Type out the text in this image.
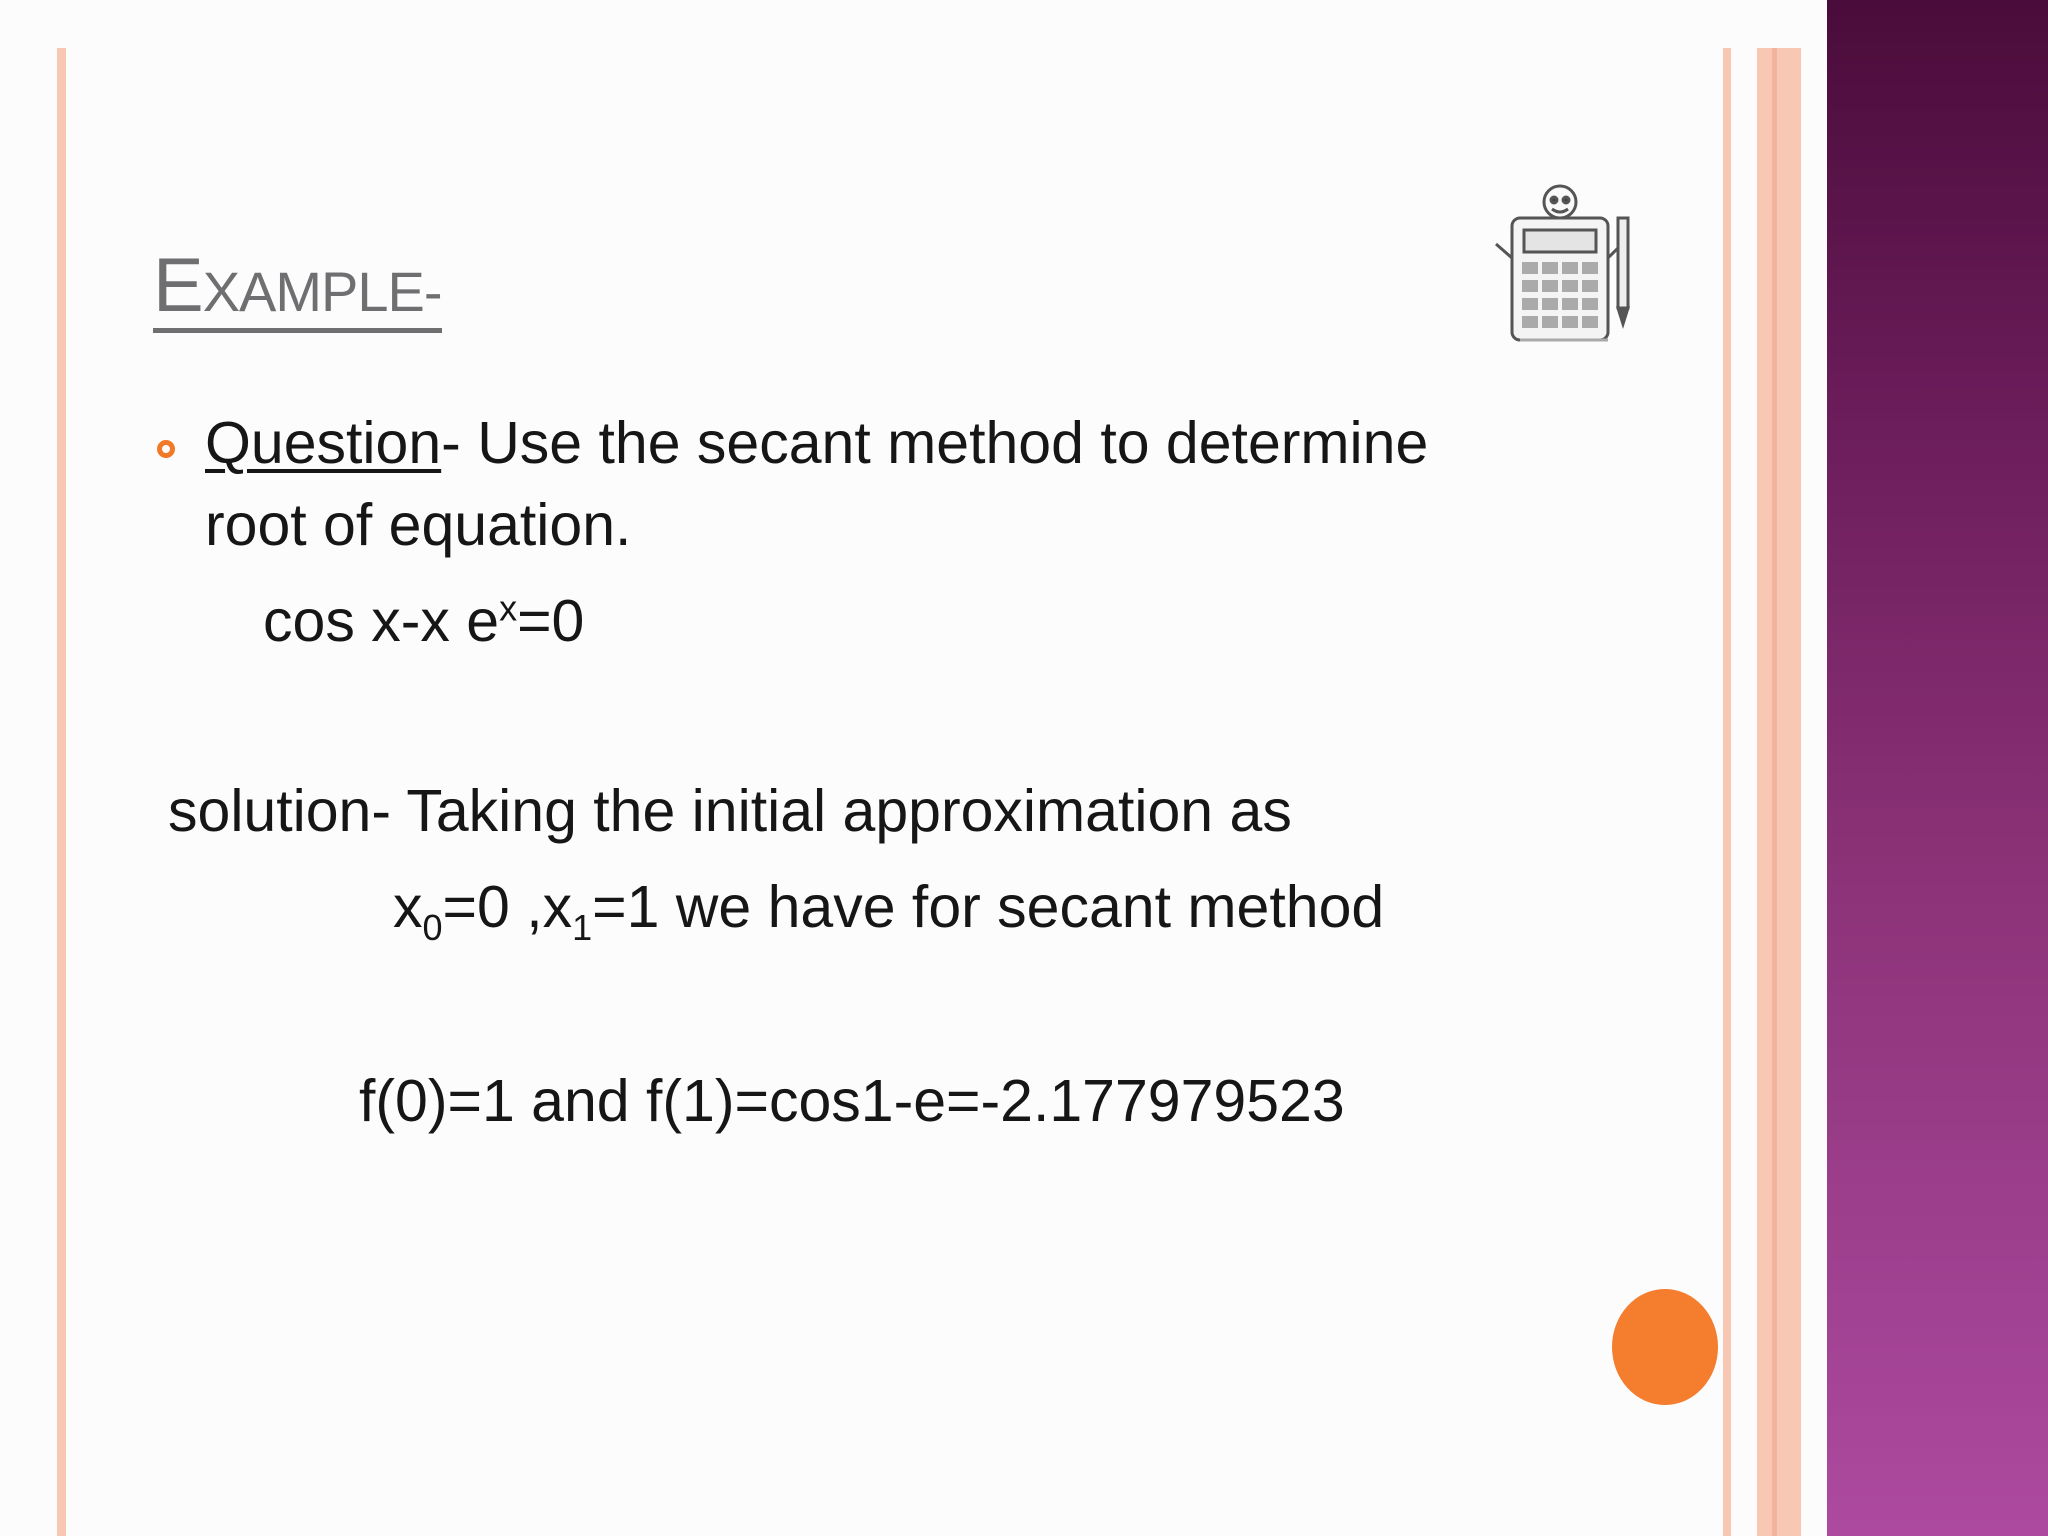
EXAMPLE-
Question- Use the secant method to determine
root of equation.
cos x-x $e^x=0$
solution- Taking the initial approximation as
$x_0=0$ $,x_1=1$ we have for secant method
f(0)=1 and f(1)=cos1-e=-2.177979523
